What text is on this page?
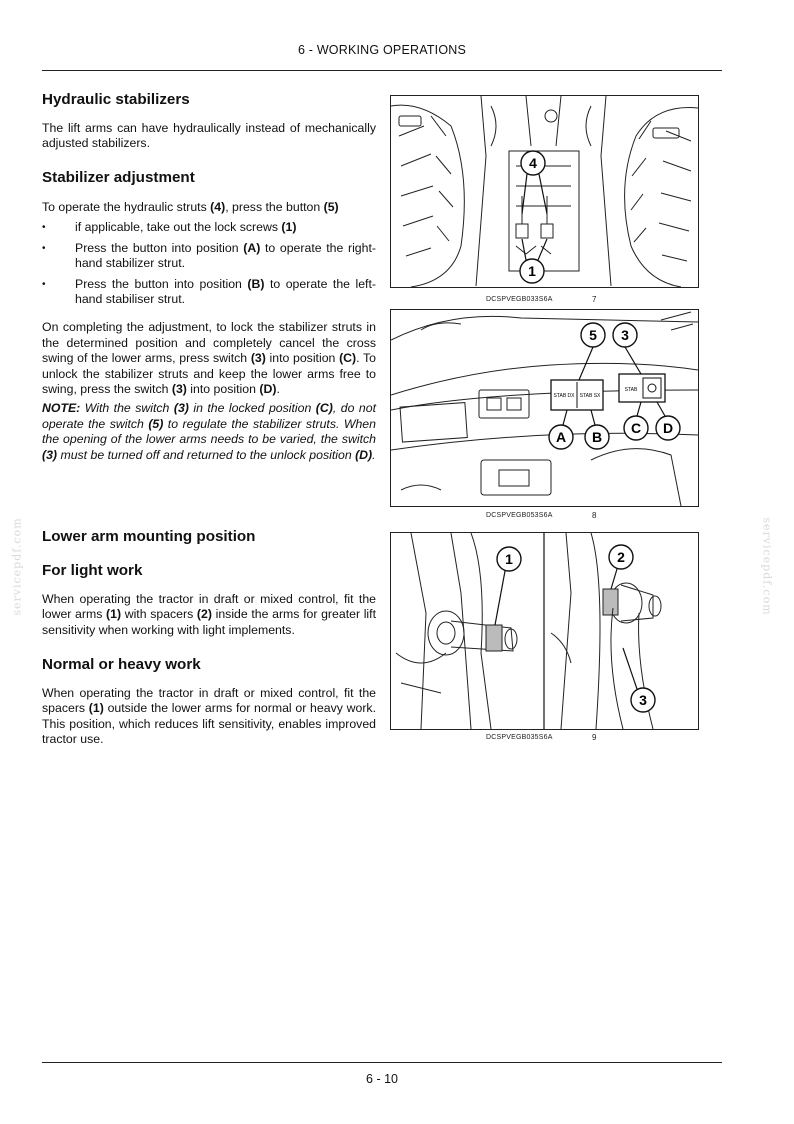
6 - WORKING OPERATIONS
servicepdf.com	servicepdf.com
Hydraulic stabilizers
The lift arms can have hydraulically instead of mechanically adjusted stabilizers.
Stabilizer adjustment

To operate the hydraulic struts (4), press the button (5)

• if applicable, take out the lock screws (1)
• Press the button into position (A) to operate the right-hand stabilizer strut.
• Press the button into position (B) to operate the left-hand stabiliser strut.

On completing the adjustment, to lock the stabilizer struts in the determined position and completely cancel the cross swing of the lower arms, press switch (3) into position (C). To unlock the stabilizer struts and keep the lower arms free to swing, press the switch (3) into position (D).

NOTE: With the switch (3) in the locked position (C), do not operate the switch (5) to regulate the stabilizer struts. When the opening of the lower arms needs to be varied, the switch (3) must be turned off and returned to the unlock position (D).

Lower arm mounting position
For light work
When operating the tractor in draft or mixed control, fit the lower arms (1) with spacers (2) inside the arms for greater lift sensitivity when working with light implements.
Normal or heavy work
When operating the tractor in draft or mixed control, fit the spacers (1) outside the lower arms for normal or heavy work. This position, which reduces lift sensitivity, enables improved tractor use.
4
1
DCSPVEGB033S6A	7
STAB DX STAB SX
STAB
5 3
A B
C D
DCSPVEGB053S6A	8
1	2
3
DCSPVEGB035S6A	9
6 - 10
